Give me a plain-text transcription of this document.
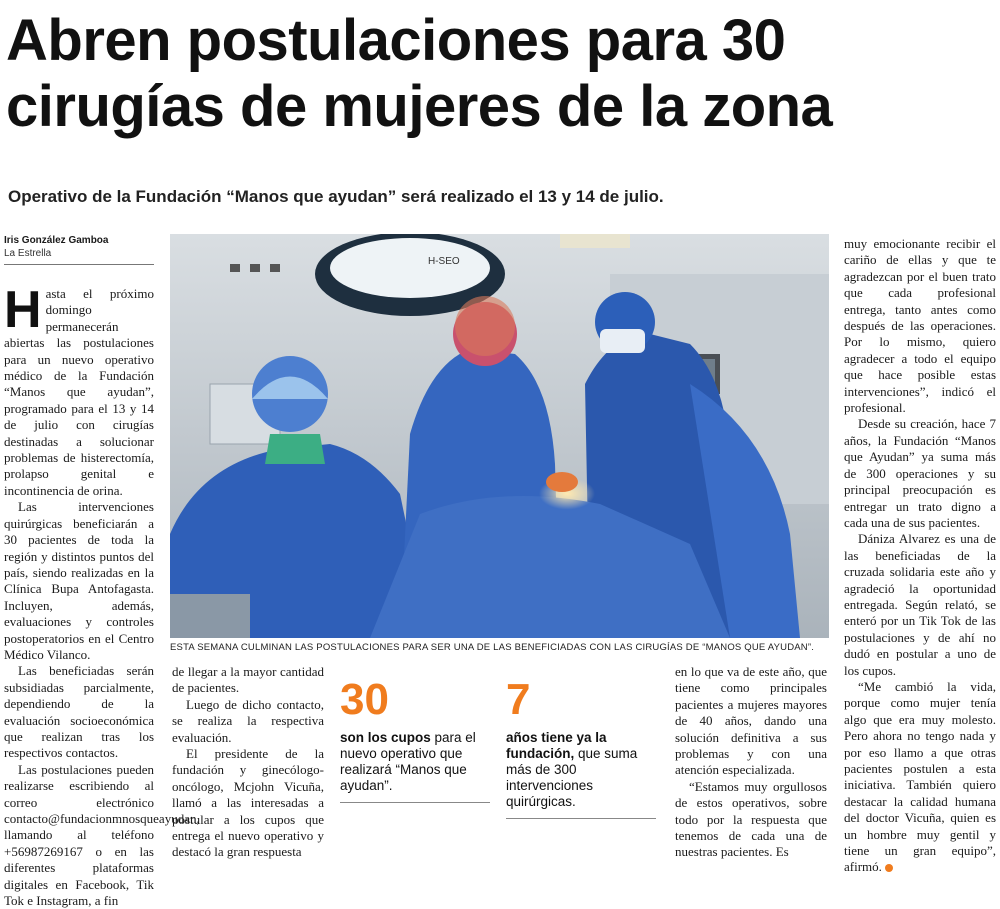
Abren postulaciones para 30 cirugías de mujeres de la zona
Operativo de la Fundación “Manos que ayudan” será realizado el 13 y 14 de julio.
Iris González Gamboa
La Estrella

Hasta el próximo domingo permanecerán abiertas las postulaciones para un nuevo operativo médico de la Fundación “Manos que ayudan”, programado para el 13 y 14 de julio con cirugías destinadas a solucionar problemas de histerectomía, prolapso genital e incontinencia de orina.

Las intervenciones quirúrgicas beneficiarán a 30 pacientes de toda la región y distintos puntos del país, siendo realizadas en la Clínica Bupa Antofagasta. Incluyen, además, evaluaciones y controles postoperatorios en el Centro Médico Vilanco.

Las beneficiadas serán subsidiadas parcialmente, dependiendo de la evaluación socioeconómica que realizan tras los respectivos contactos.

Las postulaciones pueden realizarse escribiendo al correo electrónico contacto@fundacionmnosqueayudan, llamando al teléfono +56987269167 o en las diferentes plataformas digitales en Facebook, Tik Tok e Instagram, a fin

H-SEO
ESTA SEMANA CULMINAN LAS POSTULACIONES PARA SER UNA DE LAS BENEFICIADAS CON LAS CIRUGÍAS DE “MANOS QUE AYUDAN”.

de llegar a la mayor cantidad de pacientes.

Luego de dicho contacto, se realiza la respectiva evaluación.

El presidente de la fundación y ginecólogo-oncólogo, Mcjohn Vicuña, llamó a las interesadas a postular a los cupos que entrega el nuevo operativo y destacó la gran respuesta

30
son los cupos para el nuevo operativo que realizará “Manos que ayudan”.
7
años tiene ya la fundación, que suma más de 300 intervenciones quirúrgicas.

en lo que va de este año, que tiene como principales pacientes a mujeres mayores de 40 años, dando una solución definitiva a sus problemas y con una atención especializada.

“Estamos muy orgullosos de estos operativos, sobre todo por la respuesta que tenemos de cada una de nuestras pacientes. Es

muy emocionante recibir el cariño de ellas y que te agradezcan por el buen trato que cada profesional entrega, tanto antes como después de las operaciones. Por lo mismo, quiero agradecer a todo el equipo que hace posible estas intervenciones”, indicó el profesional.

Desde su creación, hace 7 años, la Fundación “Manos que Ayudan” ya suma más de 300 operaciones y su principal preocupación es entregar un trato digno a cada una de sus pacientes.

Dániza Alvarez es una de las beneficiadas de la cruzada solidaria este año y agradeció la oportunidad entregada. Según relató, se enteró por un Tik Tok de las postulaciones y de ahí no dudó en postular a uno de los cupos.

“Me cambió la vida, porque como mujer tenía algo que era muy molesto. Pero ahora no tengo nada y por eso llamo a que otras pacientes postulen a esta iniciativa. También quiero destacar la calidad humana del doctor Vicuña, quien es un hombre muy gentil y tiene un gran equipo”, afirmó.
